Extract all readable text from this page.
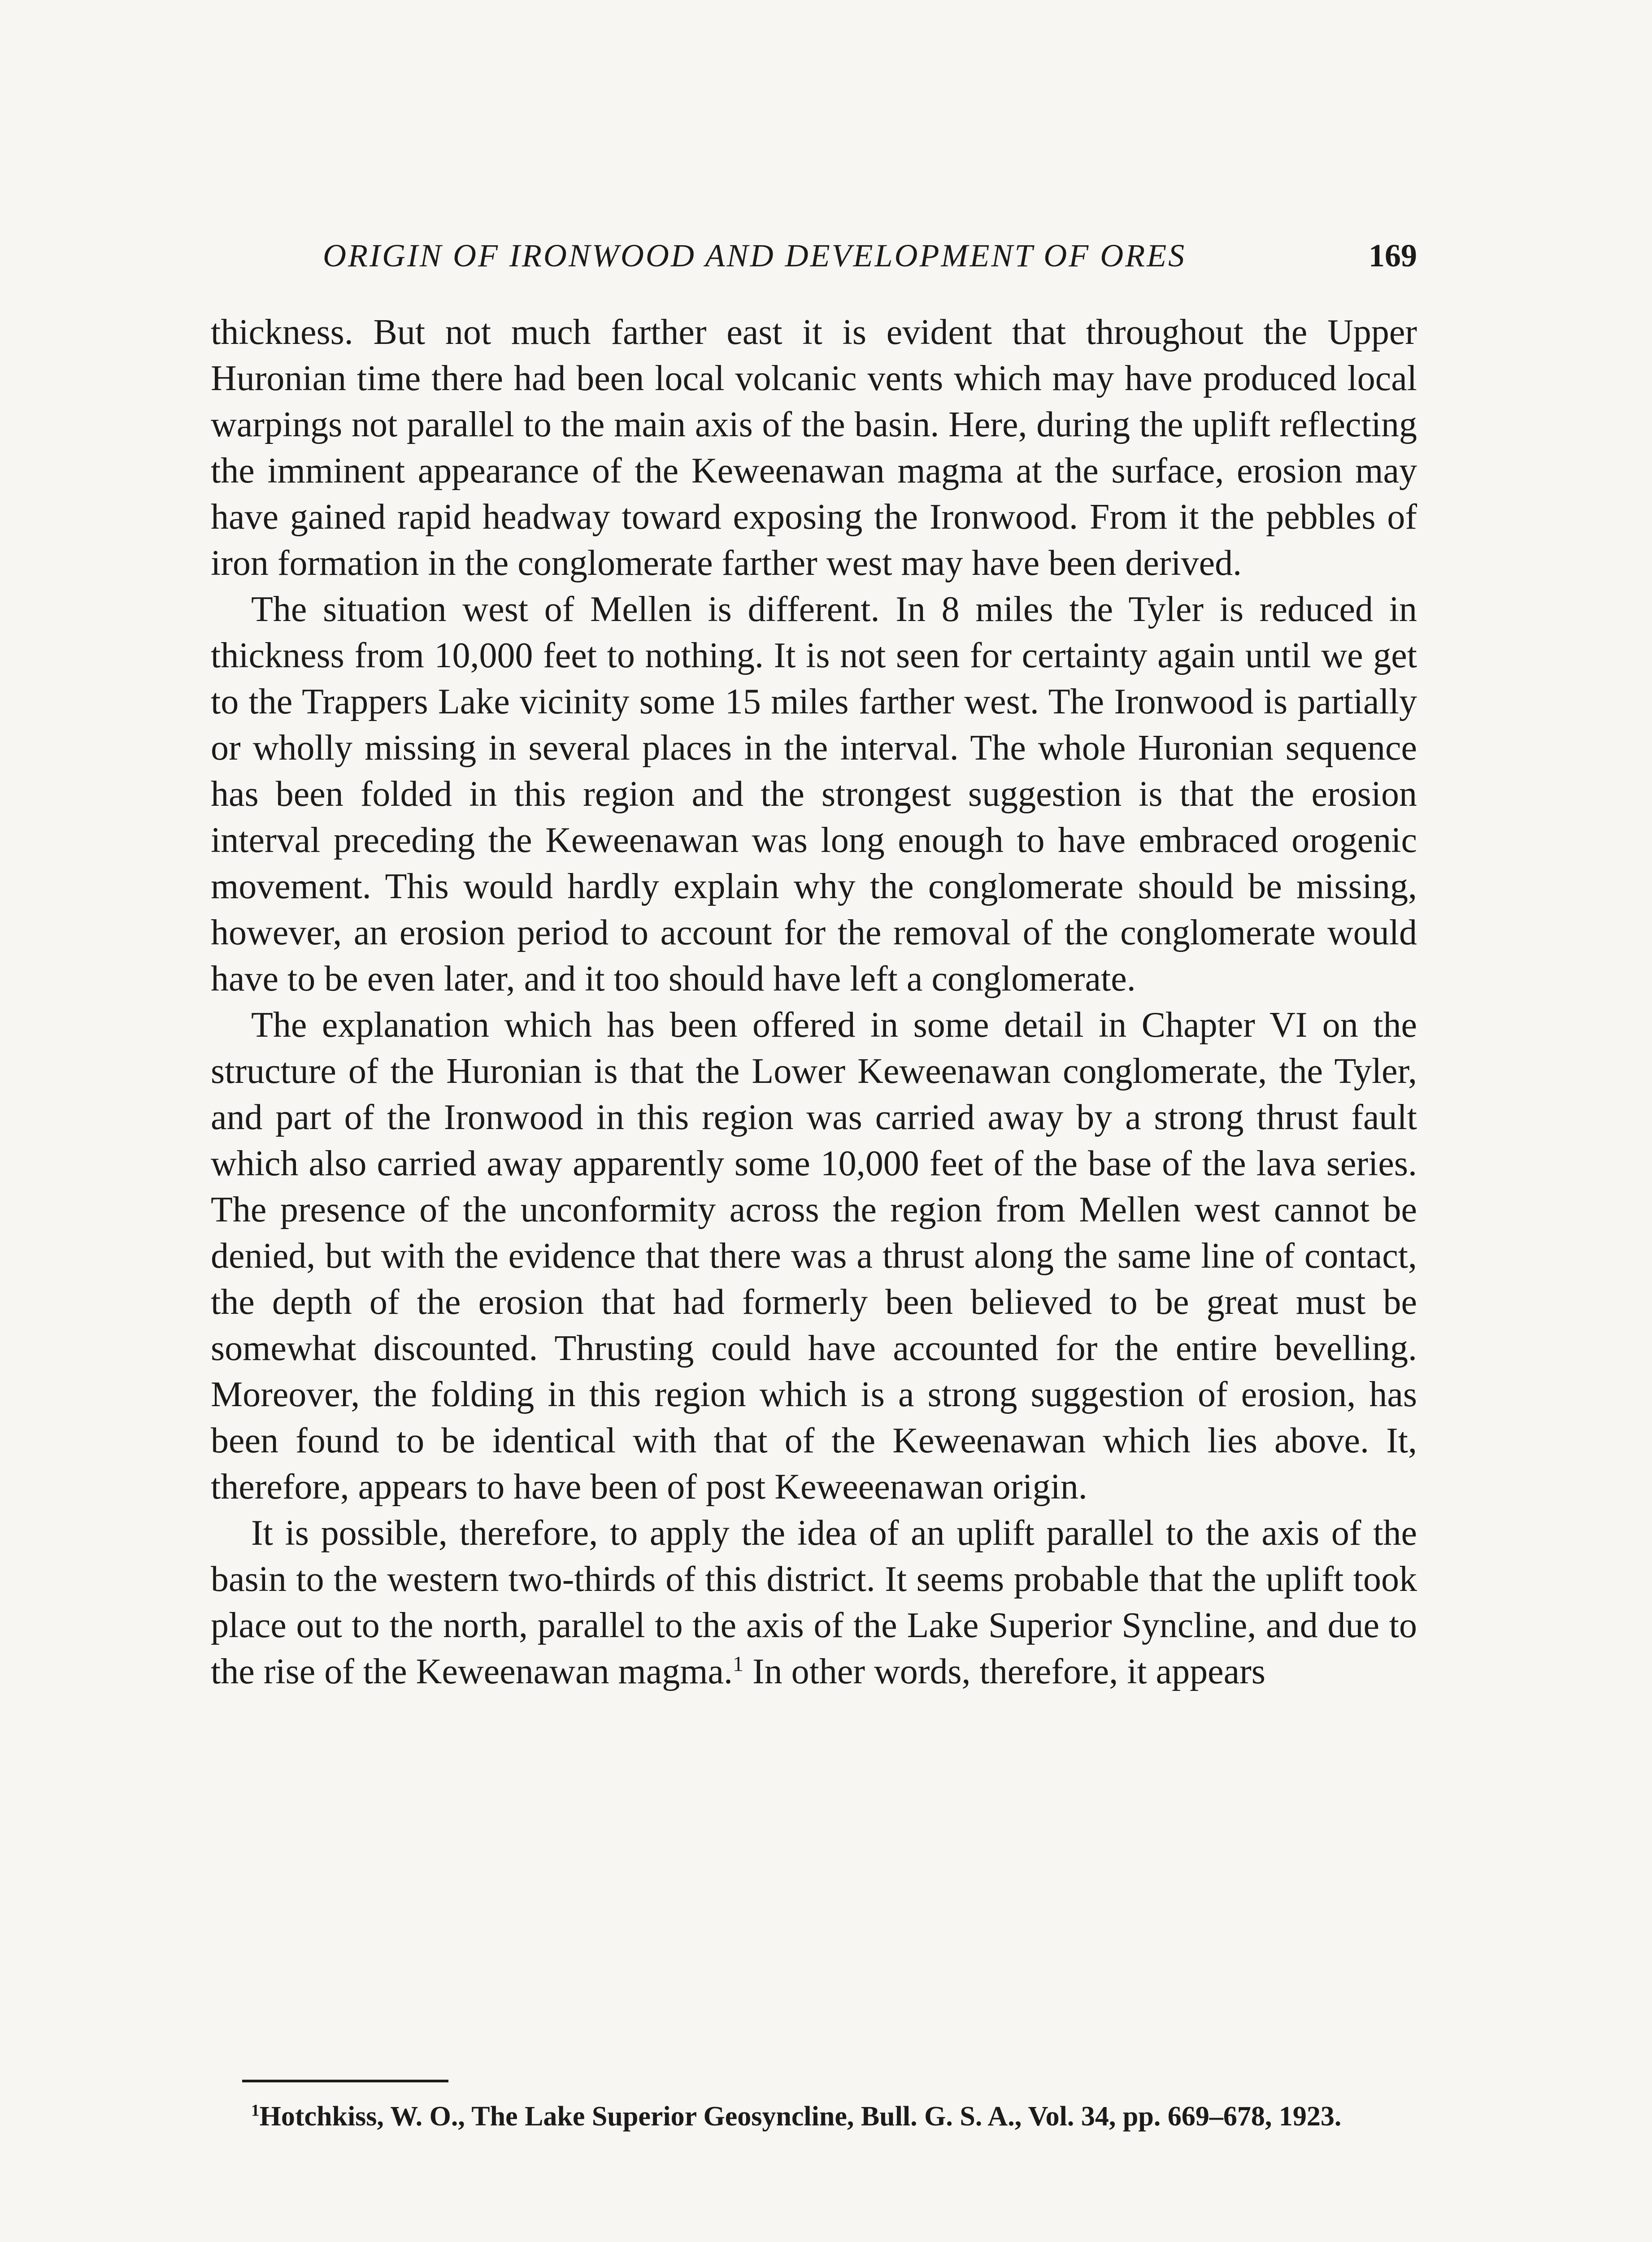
ORIGIN OF IRONWOOD AND DEVELOPMENT OF ORES	169

thickness. But not much farther east it is evident that throughout the Upper Huronian time there had been local volcanic vents which may have produced local warpings not parallel to the main axis of the basin. Here, during the uplift reflecting the imminent appearance of the Keweenawan magma at the surface, erosion may have gained rapid headway toward exposing the Ironwood. From it the pebbles of iron formation in the conglomerate farther west may have been derived.

The situation west of Mellen is different. In 8 miles the Tyler is reduced in thickness from 10,000 feet to nothing. It is not seen for certainty again until we get to the Trappers Lake vicinity some 15 miles farther west. The Ironwood is partially or wholly missing in several places in the interval. The whole Huronian sequence has been folded in this region and the strongest suggestion is that the erosion interval preceding the Keweenawan was long enough to have embraced orogenic movement. This would hardly explain why the conglomerate should be missing, however, an erosion period to account for the removal of the conglomerate would have to be even later, and it too should have left a conglomerate.

The explanation which has been offered in some detail in Chapter VI on the structure of the Huronian is that the Lower Keweenawan conglomerate, the Tyler, and part of the Ironwood in this region was carried away by a strong thrust fault which also carried away apparently some 10,000 feet of the base of the lava series. The presence of the unconformity across the region from Mellen west cannot be denied, but with the evidence that there was a thrust along the same line of contact, the depth of the erosion that had formerly been believed to be great must be somewhat discounted. Thrusting could have accounted for the entire bevelling. Moreover, the folding in this region which is a strong suggestion of erosion, has been found to be identical with that of the Keweenawan which lies above. It, therefore, appears to have been of post Keweeenawan origin.

It is possible, therefore, to apply the idea of an uplift parallel to the axis of the basin to the western two-thirds of this district. It seems probable that the uplift took place out to the north, parallel to the axis of the Lake Superior Syncline, and due to the rise of the Keweenawan magma.$^1$ In other words, therefore, it appears

$^1$Hotchkiss, W. O., The Lake Superior Geosyncline, Bull. G. S. A., Vol. 34, pp. 669–678, 1923.
